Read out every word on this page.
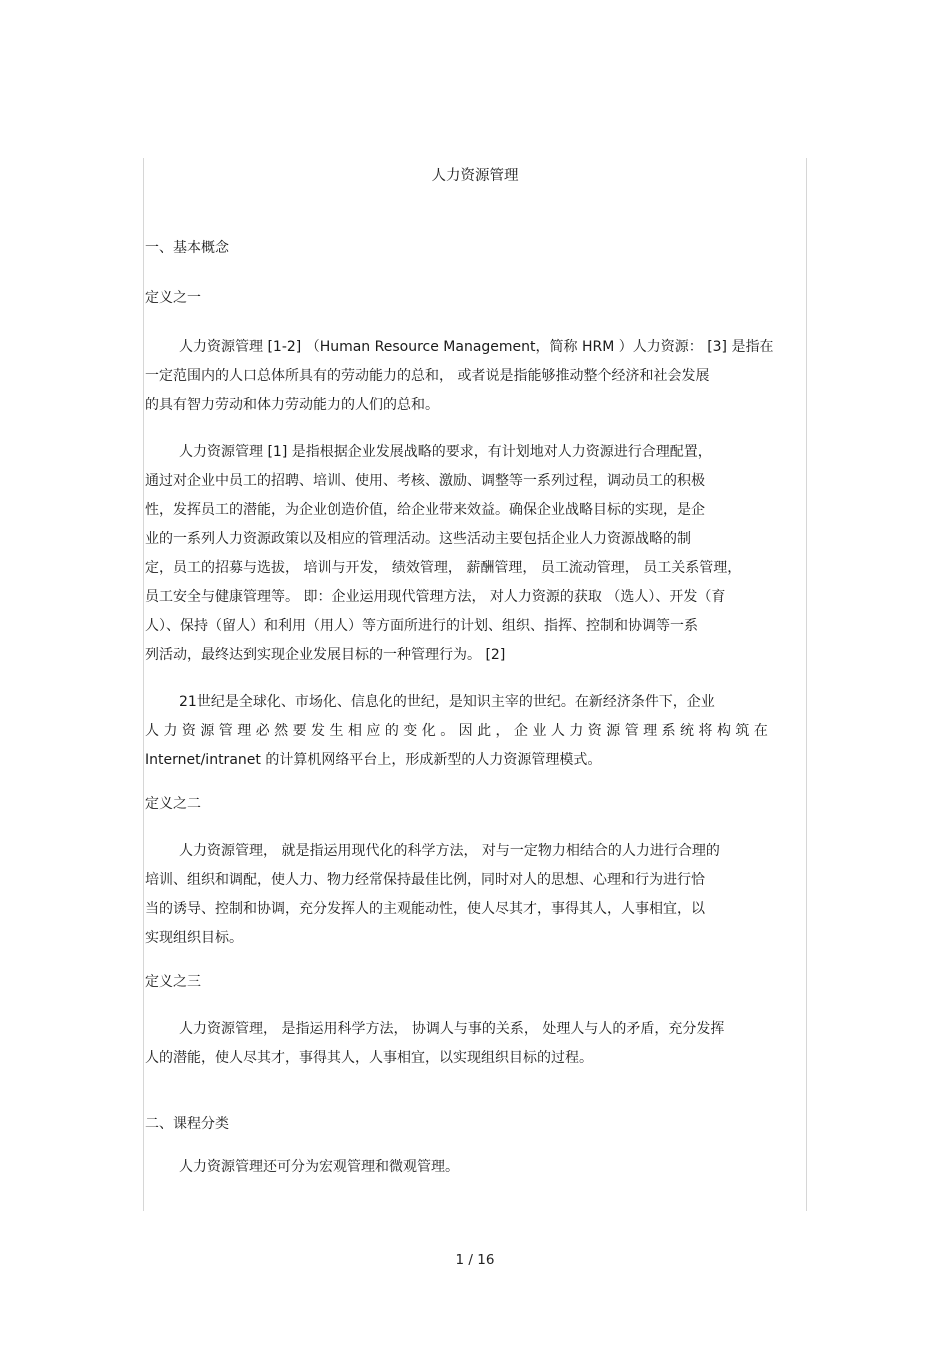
人力资源管理

一、基本概念

定义之一

人力资源管理 [1-2] （Human Resource Management，简称 HRM ）人力资源： [3] 是指在
一定范围内的人口总体所具有的劳动能力的总和， 或者说是指能够推动整个经济和社会发展
的具有智力劳动和体力劳动能力的人们的总和。
人力资源管理 [1] 是指根据企业发展战略的要求，有计划地对人力资源进行合理配置，
通过对企业中员工的招聘、培训、使用、考核、激励、调整等一系列过程，调动员工的积极
性，发挥员工的潜能，为企业创造价值，给企业带来效益。确保企业战略目标的实现，是企
业的一系列人力资源政策以及相应的管理活动。这些活动主要包括企业人力资源战略的制
定，员工的招募与选拔， 培训与开发， 绩效管理， 薪酬管理， 员工流动管理， 员工关系管理，
员工安全与健康管理等。 即：企业运用现代管理方法， 对人力资源的获取 （选人）、开发（育
人）、保持（留人）和利用（用人）等方面所进行的计划、组织、指挥、控制和协调等一系
列活动，最终达到实现企业发展目标的一种管理行为。 [2]
21世纪是全球化、市场化、信息化的世纪，是知识主宰的世纪。在新经济条件下，企业
人 力 资 源 管 理 必 然 要 发 生 相 应 的 变 化 。 因 此 ， 企 业 人 力 资 源 管 理 系 统 将 构 筑 在
Internet/intranet 的计算机网络平台上，形成新型的人力资源管理模式。

定义之二

人力资源管理， 就是指运用现代化的科学方法， 对与一定物力相结合的人力进行合理的
培训、组织和调配，使人力、物力经常保持最佳比例，同时对人的思想、心理和行为进行恰
当的诱导、控制和协调，充分发挥人的主观能动性，使人尽其才，事得其人，人事相宜，以
实现组织目标。

定义之三

人力资源管理， 是指运用科学方法， 协调人与事的关系， 处理人与人的矛盾，充分发挥
人的潜能，使人尽其才，事得其人，人事相宜，以实现组织目标的过程。

二、课程分类

人力资源管理还可分为宏观管理和微观管理。
1 / 16
